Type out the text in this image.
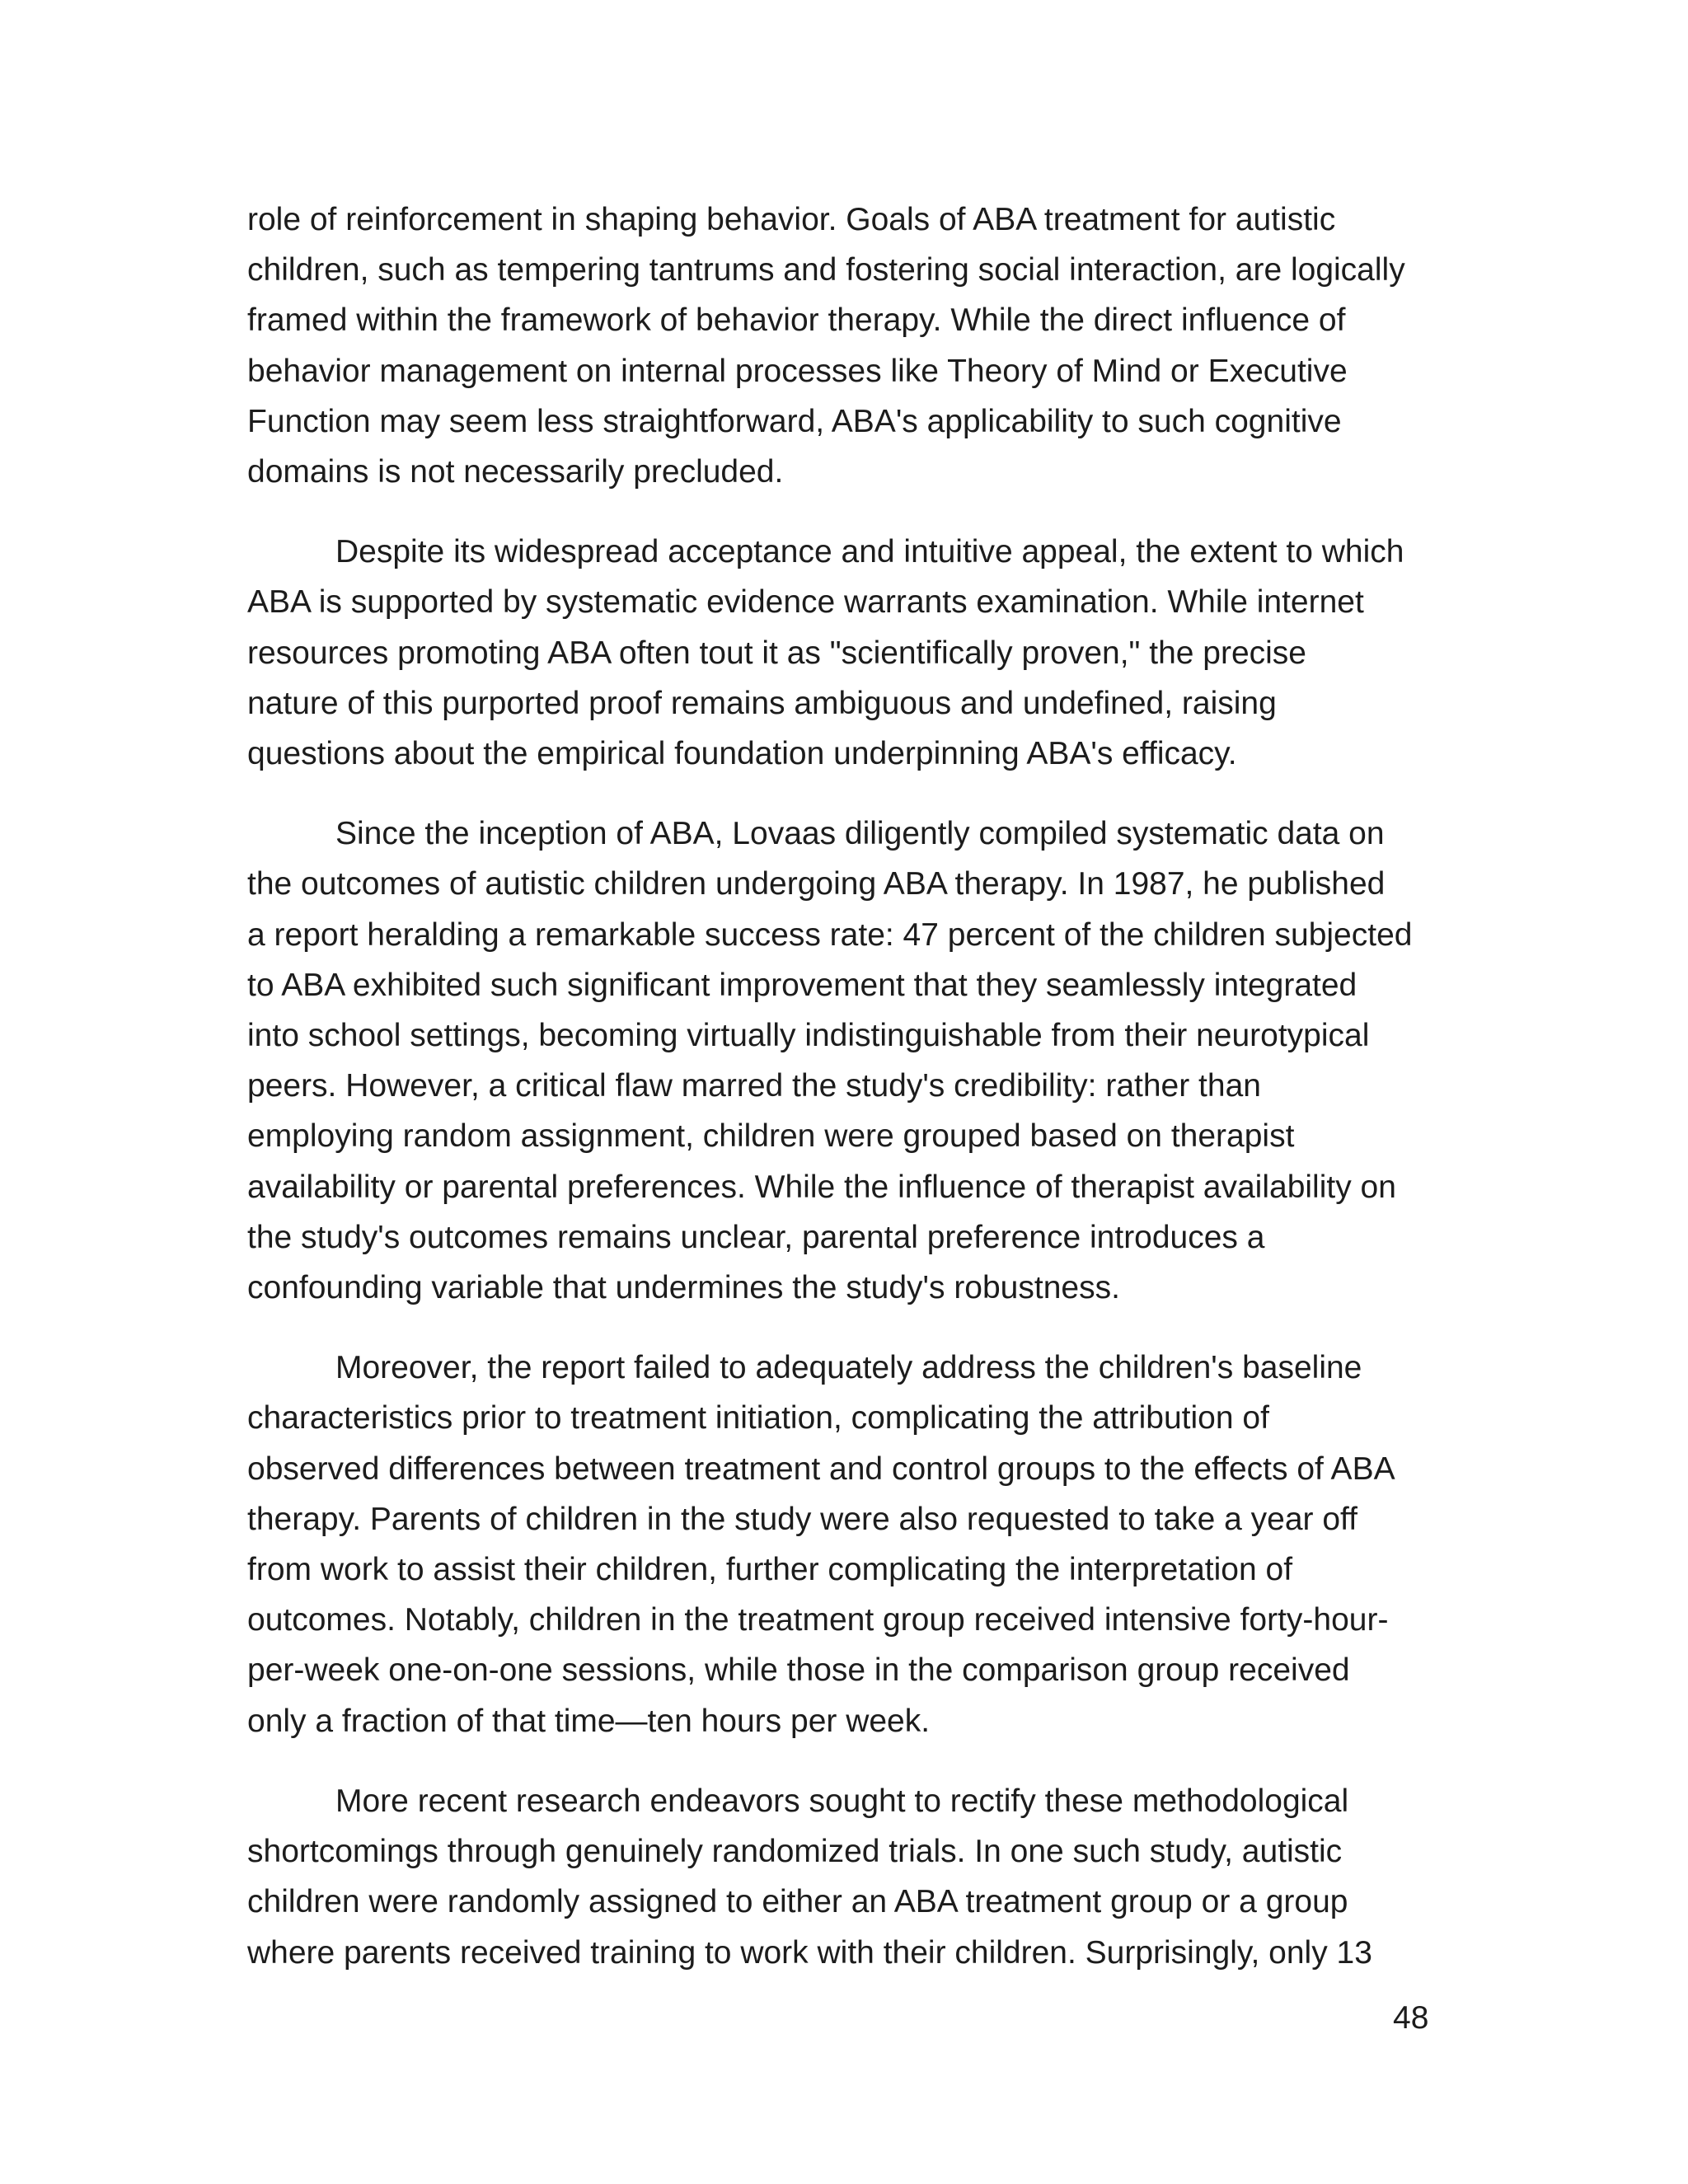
role of reinforcement in shaping behavior. Goals of ABA treatment for autistic
children, such as tempering tantrums and fostering social interaction, are logically
framed within the framework of behavior therapy. While the direct influence of
behavior management on internal processes like Theory of Mind or Executive
Function may seem less straightforward, ABA's applicability to such cognitive
domains is not necessarily precluded.

Despite its widespread acceptance and intuitive appeal, the extent to which
ABA is supported by systematic evidence warrants examination. While internet
resources promoting ABA often tout it as "scientifically proven," the precise
nature of this purported proof remains ambiguous and undefined, raising
questions about the empirical foundation underpinning ABA's efficacy.

Since the inception of ABA, Lovaas diligently compiled systematic data on
the outcomes of autistic children undergoing ABA therapy. In 1987, he published
a report heralding a remarkable success rate: 47 percent of the children subjected
to ABA exhibited such significant improvement that they seamlessly integrated
into school settings, becoming virtually indistinguishable from their neurotypical
peers. However, a critical flaw marred the study's credibility: rather than
employing random assignment, children were grouped based on therapist
availability or parental preferences. While the influence of therapist availability on
the study's outcomes remains unclear, parental preference introduces a
confounding variable that undermines the study's robustness.

Moreover, the report failed to adequately address the children's baseline
characteristics prior to treatment initiation, complicating the attribution of
observed differences between treatment and control groups to the effects of ABA
therapy. Parents of children in the study were also requested to take a year off
from work to assist their children, further complicating the interpretation of
outcomes. Notably, children in the treatment group received intensive forty-hour-
per-week one-on-one sessions, while those in the comparison group received
only a fraction of that time—ten hours per week.

More recent research endeavors sought to rectify these methodological
shortcomings through genuinely randomized trials. In one such study, autistic
children were randomly assigned to either an ABA treatment group or a group
where parents received training to work with their children. Surprisingly, only 13

48
